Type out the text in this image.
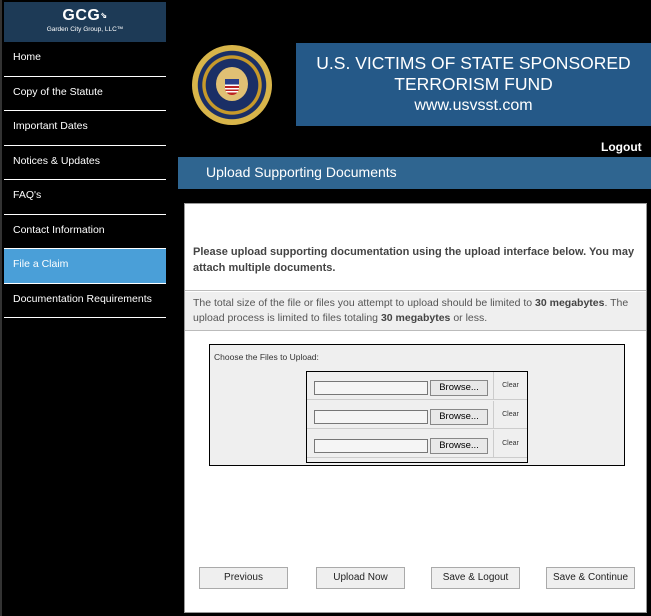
GCG⇘
Garden City Group, LLC™
Home
Copy of the Statute
Important Dates
Notices & Updates
FAQ's
Contact Information
File a Claim
Documentation Requirements
U.S. VICTIMS OF STATE SPONSORED
TERRORISM FUND
www.usvsst.com
Logout
Upload Supporting Documents
Please upload supporting documentation using the upload interface below. You may attach multiple documents.
The total size of the file or files you attempt to upload should be limited to 30 megabytes. The upload process is limited to files totaling 30 megabytes or less.
Choose the Files to Upload:
Browse...	Clear
Browse...	Clear
Browse...	Clear
Previous	Upload Now	Save & Logout	Save & Continue
